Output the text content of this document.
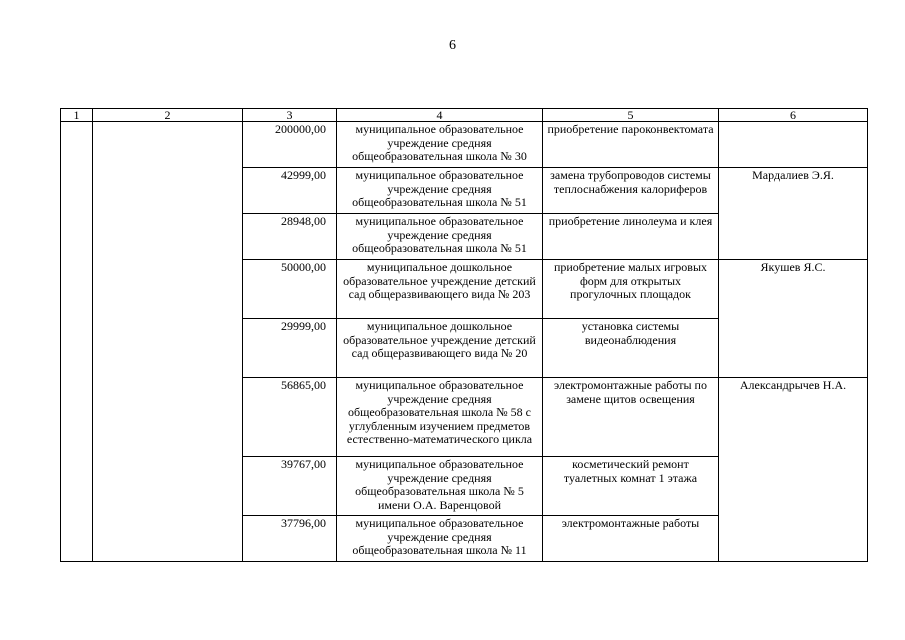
6
1	2	3	4	5	6
		200000,00	муниципальное образовательное учреждение средняя общеобразовательная школа № 30	приобретение пароконвектомата	
		42999,00	муниципальное образовательное учреждение средняя общеобразовательная школа № 51	замена трубопроводов системы теплоснабжения калориферов	Мардалиев Э.Я.
		28948,00	муниципальное образовательное учреждение средняя общеобразовательная школа № 51	приобретение линолеума и клея	
		50000,00	муниципальное дошкольное образовательное учреждение детский сад общеразвивающего вида № 203	приобретение малых игровых форм для открытых прогулочных площадок	Якушев Я.С.
		29999,00	муниципальное дошкольное образовательное учреждение детский сад общеразвивающего вида № 20	установка системы видеонаблюдения	
		56865,00	муниципальное образовательное учреждение средняя общеобразовательная школа № 58 с углубленным изучением предметов естественно-математического цикла	электромонтажные работы по замене щитов освещения	Александрычев Н.А.
		39767,00	муниципальное образовательное учреждение средняя общеобразовательная школа № 5 имени О.А. Варенцовой	косметический ремонт туалетных комнат 1 этажа	
		37796,00	муниципальное образовательное учреждение средняя общеобразовательная школа № 11	электромонтажные работы	
